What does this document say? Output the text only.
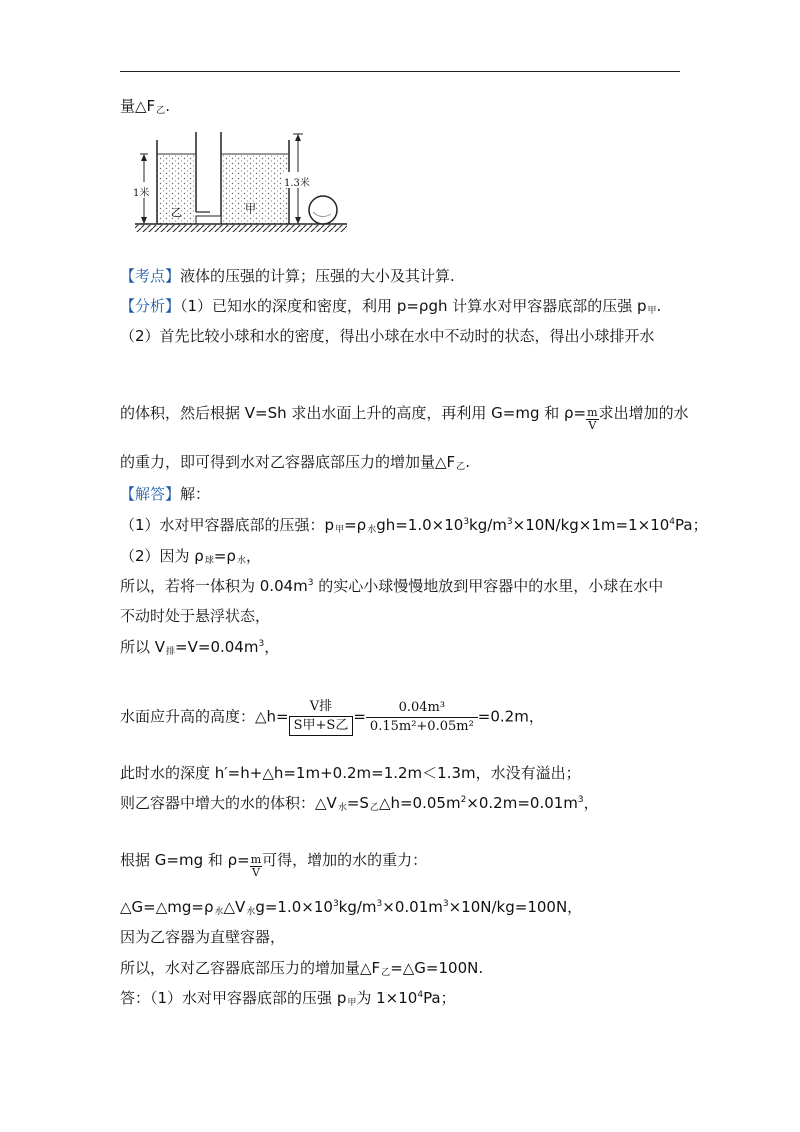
量△F乙.
1米
1.3米
乙	甲
【考点】液体的压强的计算；压强的大小及其计算.
【分析】（1）已知水的深度和密度，利用 p=ρgh 计算水对甲容器底部的压强 p甲.
（2）首先比较小球和水的密度，得出小球在水中不动时的状态，得出小球排开水
的体积，然后根据 V=Sh 求出水面上升的高度，再利用 G=mg 和 $\rho= \frac{m}{V}$ 求出增加的水
的重力，即可得到水对乙容器底部压力的增加量△F乙.
【解答】解：
（1）水对甲容器底部的压强：p甲=ρ水$gh=1.0\times 10^3kg/m^3\times 10N/kg\times 1m=1\times 10^4Pa$；
（2）因为 ρ球=ρ水，
所以，若将一体积为 $0.04m^3$ 的实心小球慢慢地放到甲容器中的水里，小球在水中
不动时处于悬浮状态，
所以 V排$=V=0.04m^3$，
水面应升高的高度：△h= $\frac{\text{V排}}{\text{S甲+S乙}} = \frac{\text{0.04m³}}{\text{0.15m²+0.05m²}} =0.2m$，
此时水的深度 h′=h+△h=1m+0.2m=1.2m＜1.3m，水没有溢出；
则乙容器中增大的水的体积：△V水=S乙$\triangle h=0.05m^2\times 0.2m=0.01m^3$，
根据 G=mg 和 $\rho= \frac{m}{V}$ 可得，增加的水的重力：
△G=△mg=ρ水△V水$g=1.0\times 10^3kg/m^3\times 0.01m^3\times 10N/kg=100N$，
因为乙容器为直壁容器，
所以，水对乙容器底部压力的增加量△F乙=△G=100N.
答：（1）水对甲容器底部的压强 p甲为 $1\times 10^4Pa$；
